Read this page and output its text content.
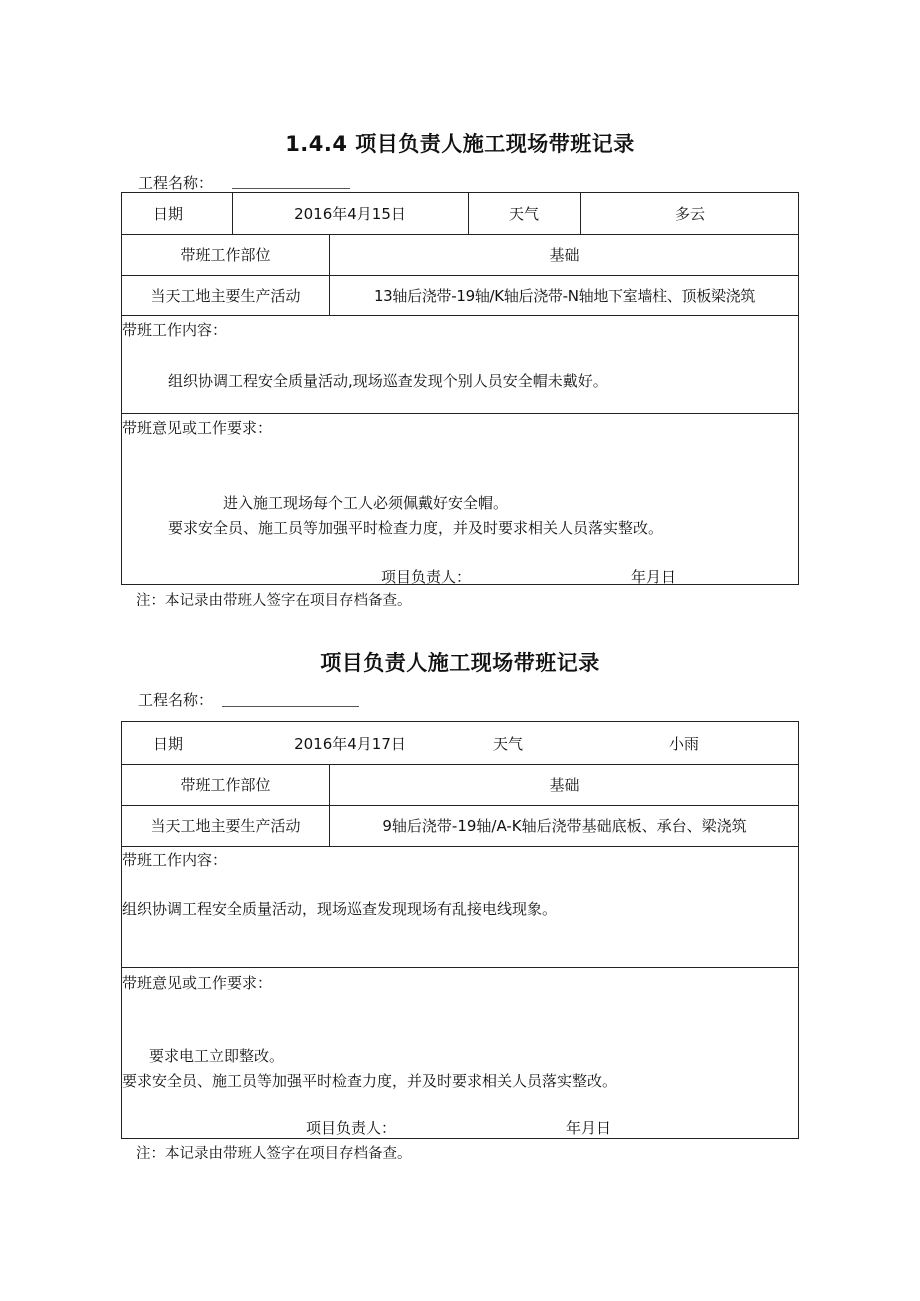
1.4.4 项目负责人施工现场带班记录
工程名称：
日期	2016年4月15日	天气	多云
带班工作部位	基础
当天工地主要生产活动	13轴后浇带-19轴/K轴后浇带-N轴地下室墙柱、顶板梁浇筑
带班工作内容：
组织协调工程安全质量活动,现场巡查发现个别人员安全帽未戴好。
带班意见或工作要求：
进入施工现场每个工人必须佩戴好安全帽。
要求安全员、施工员等加强平时检查力度，并及时要求相关人员落实整改。
项目负责人：	年月日
注：本记录由带班人签字在项目存档备查。
项目负责人施工现场带班记录
工程名称：
日期	2016年4月17日	天气	小雨
带班工作部位	基础
当天工地主要生产活动	9轴后浇带-19轴/A-K轴后浇带基础底板、承台、梁浇筑
带班工作内容：
组织协调工程安全质量活动，现场巡查发现现场有乱接电线现象。
带班意见或工作要求：
要求电工立即整改。
要求安全员、施工员等加强平时检查力度，并及时要求相关人员落实整改。
项目负责人：	年月日
注：本记录由带班人签字在项目存档备查。
